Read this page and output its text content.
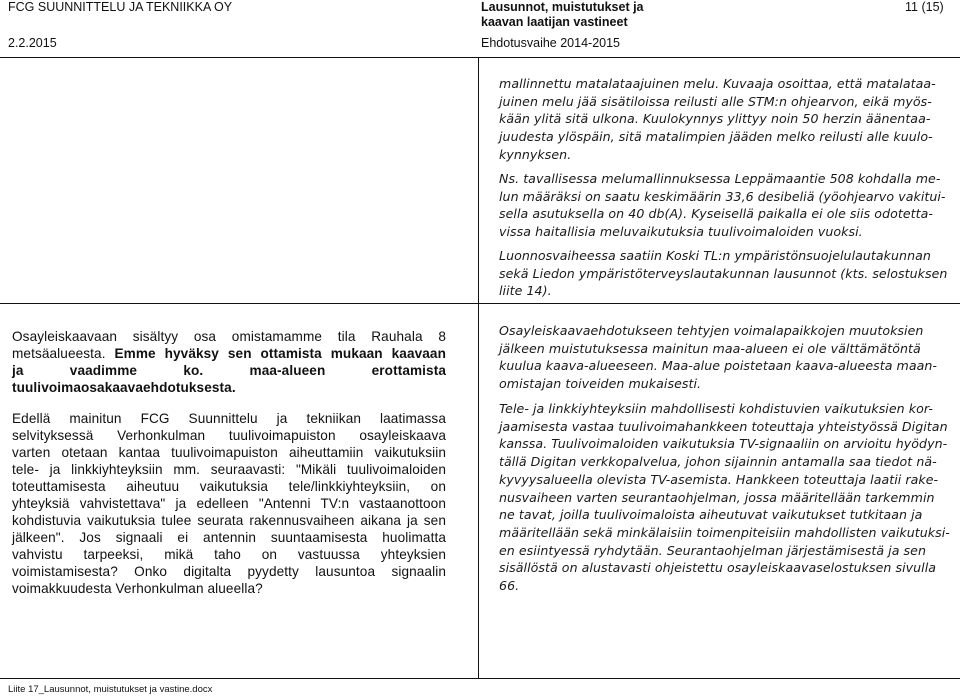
FCG SUUNNITTELU JA TEKNIIKKA OY
2.2.2015
Lausunnot, muistutukset ja
kaavan laatijan vastineet
Ehdotusvaihe 2014-2015
11 (15)
mallinnettu matalataajuinen melu. Kuvaaja osoittaa, että matalataa-
juinen melu jää sisätiloissa reilusti alle STM:n ohjearvon, eikä myös-
kään ylitä sitä ulkona. Kuulokynnys ylittyy noin 50 herzin äänentaa-
juudesta ylöspäin, sitä matalimpien jääden melko reilusti alle kuulo-
kynnyksen.
Ns. tavallisessa melumallinnuksessa Leppämaantie 508 kohdalla me-
lun määräksi on saatu keskimäärin 33,6 desibeliä (yöohjearvo vakitui-
sella asutuksella on 40 db(A). Kyseisellä paikalla ei ole siis odotetta-
vissa haitallisia meluvaikutuksia tuulivoimaloiden vuoksi.
Luonnosvaiheessa saatiin Koski TL:n ympäristönsuojelulautakunnan
sekä Liedon ympäristöterveyslautakunnan lausunnot (kts. selostuksen
liite 14).
Osayleiskaavaan sisältyy osa omistamamme tila Rauhala 8
metsäalueesta. Emme hyväksy sen ottamista mukaan kaavaan
ja vaadimme ko. maa-alueen erottamista
tuulivoimaosakaavaehdotuksesta.
Edellä mainitun FCG Suunnittelu ja tekniikan laatimassa
selvityksessä Verhonkulman tuulivoimapuiston osayleiskaava
varten otetaan kantaa tuulivoimapuiston aiheuttamiin vaikutuksiin
tele- ja linkkiyhteyksiin mm. seuraavasti: "Mikäli tuulivoimaloiden
toteuttamisesta aiheutuu vaikutuksia tele/linkkiyhteyksiin, on
yhteyksiä vahvistettava" ja edelleen "Antenni TV:n vastaanottoon
kohdistuvia vaikutuksia tulee seurata rakennusvaiheen aikana ja sen
jälkeen". Jos signaali ei antennin suuntaamisesta huolimatta
vahvistu tarpeeksi, mikä taho on vastuussa yhteyksien
voimistamisesta? Onko digitalta pyydetty lausuntoa signaalin
voimakkuudesta Verhonkulman alueella?
Osayleiskaavaehdotukseen tehtyjen voimalapaikkojen muutoksien
jälkeen muistutuksessa mainitun maa-alueen ei ole välttämätöntä
kuulua kaava-alueeseen. Maa-alue poistetaan kaava-alueesta maan-
omistajan toiveiden mukaisesti.
Tele- ja linkkiyhteyksiin mahdollisesti kohdistuvien vaikutuksien kor-
jaamisesta vastaa tuulivoimahankkeen toteuttaja yhteistyössä Digitan
kanssa. Tuulivoimaloiden vaikutuksia TV-signaaliin on arvioitu hyödyn-
tällä Digitan verkkopalvelua, johon sijainnin antamalla saa tiedot nä-
kyvyysalueella olevista TV-asemista. Hankkeen toteuttaja laatii rake-
nusvaiheen varten seurantaohjelman, jossa määritellään tarkemmin
ne tavat, joilla tuulivoimaloista aiheutuvat vaikutukset tutkitaan ja
määritellään sekä minkälaisiin toimenpiteisiin mahdollisten vaikutuksi-
en esiintyessä ryhdytään. Seurantaohjelman järjestämisestä ja sen
sisällöstä on alustavasti ohjeistettu osayleiskaavaselostuksen sivulla
66.
Liite 17_Lausunnot, muistutukset ja vastine.docx
